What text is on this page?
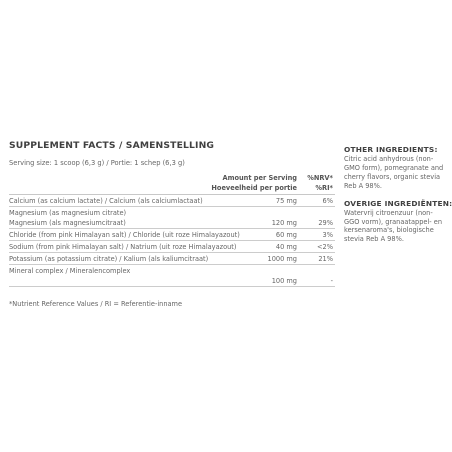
SUPPLEMENT FACTS / SAMENSTELLING
Serving size: 1 scoop (6,3 g) / Portie: 1 schep (6,3 g)
Amount per Serving
Hoeveelheid per portie
%NRV*
%RI*
Calcium (as calcium lactate) / Calcium (als calciumlactaat)	75 mg	6%
Magnesium (as magnesium citrate)
Magnesium (als magnesiumcitraat)	120 mg	29%
Chloride (from pink Himalayan salt) / Chloride (uit roze Himalayazout)	60 mg	3%
Sodium (from pink Himalayan salt) / Natrium (uit roze Himalayazout)	40 mg	<2%
Potassium (as potassium citrate) / Kalium (als kaliumcitraat)	1000 mg	21%
Mineral complex / Mineralencomplex
100 mg	-
*Nutrient Reference Values / RI = Referentie-inname
OTHER INGREDIENTS:
Citric acid anhydrous (non-GMO form), pomegranate and cherry flavors, organic stevia Reb A 98%.
OVERIGE INGREDIËNTEN:
Watervrij citroenzuur (non-GGO vorm), granaatappel- en kersenaroma's, biologische stevia Reb A 98%.
